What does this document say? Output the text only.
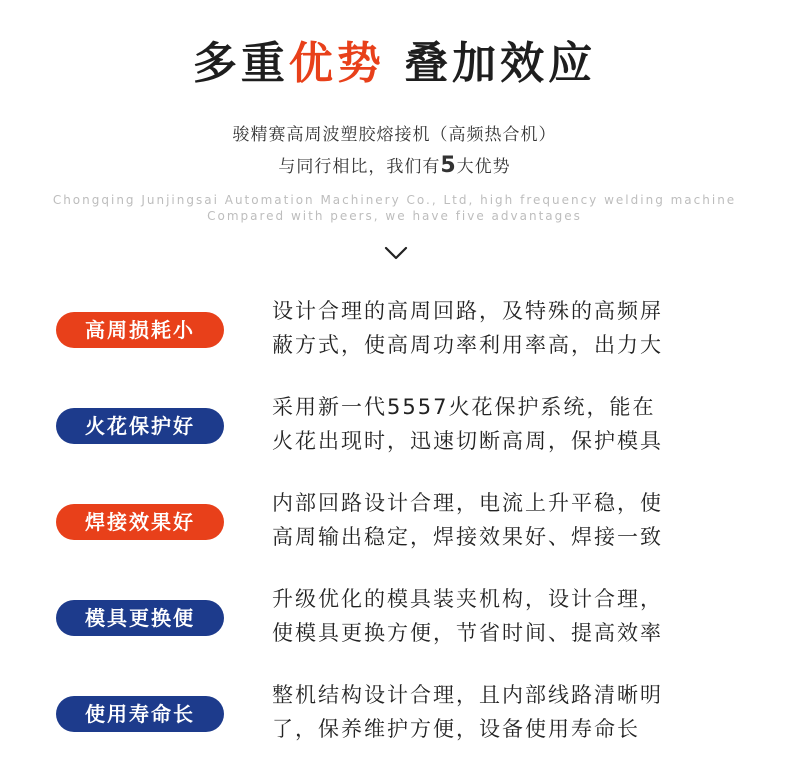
多重优势 叠加效应
骏精赛高周波塑胶熔接机（高频热合机）
与同行相比，我们有5大优势
Chongqing Junjingsai Automation Machinery Co., Ltd, high frequency welding machine
Compared with peers, we have five advantages
高周损耗小
设计合理的高周回路，及特殊的高频屏
蔽方式，使高周功率利用率高，出力大
火花保护好
采用新一代5557火花保护系统，能在
火花出现时，迅速切断高周，保护模具
焊接效果好
内部回路设计合理，电流上升平稳，使
高周输出稳定，焊接效果好、焊接一致
模具更换便
升级优化的模具装夹机构，设计合理，
使模具更换方便，节省时间、提高效率
使用寿命长
整机结构设计合理，且内部线路清晰明
了，保养维护方便，设备使用寿命长
